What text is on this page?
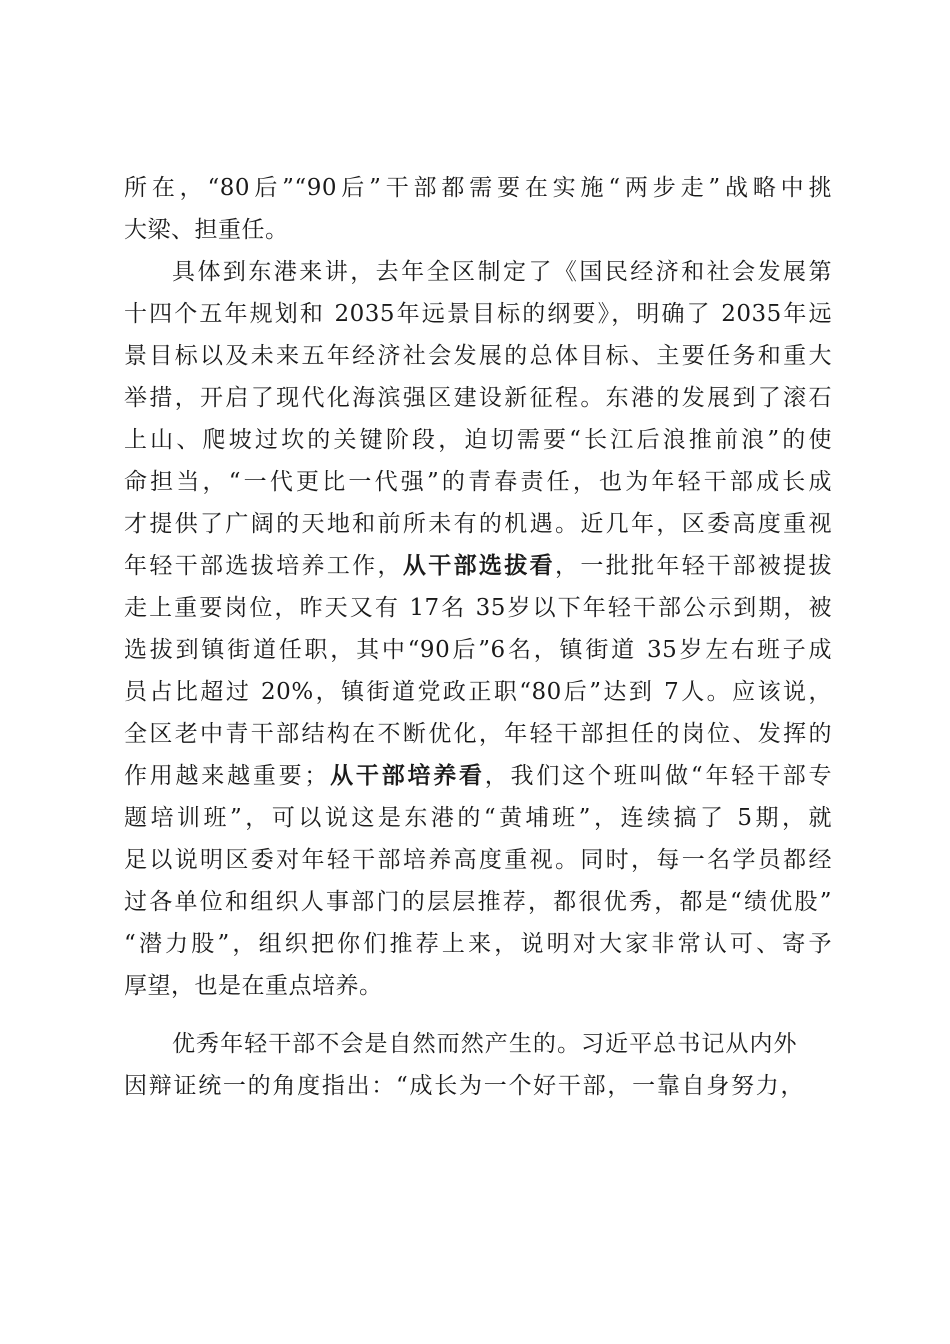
所在，“80后”“90后”干部都需要在实施“两步走”战略中挑
大梁、担重任。
具体到东港来讲，去年全区制定了《国民经济和社会发展第
十四个五年规划和 2035年远景目标的纲要》，明确了 2035年远
景目标以及未来五年经济社会发展的总体目标、主要任务和重大
举措，开启了现代化海滨强区建设新征程。东港的发展到了滚石
上山、爬坡过坎的关键阶段，迫切需要“长江后浪推前浪”的使
命担当，“一代更比一代强”的青春责任，也为年轻干部成长成
才提供了广阔的天地和前所未有的机遇。近几年，区委高度重视
年轻干部选拔培养工作，从干部选拔看，一批批年轻干部被提拔
走上重要岗位，昨天又有 17名 35岁以下年轻干部公示到期，被
选拔到镇街道任职，其中“90后”6名，镇街道 35岁左右班子成
员占比超过 20%，镇街道党政正职“80后”达到 7人。应该说，
全区老中青干部结构在不断优化，年轻干部担任的岗位、发挥的
作用越来越重要；从干部培养看，我们这个班叫做“年轻干部专
题培训班”，可以说这是东港的“黄埔班”，连续搞了 5期，就
足以说明区委对年轻干部培养高度重视。同时，每一名学员都经
过各单位和组织人事部门的层层推荐，都很优秀，都是“绩优股”
“潜力股”，组织把你们推荐上来，说明对大家非常认可、寄予
厚望，也是在重点培养。
优秀年轻干部不会是自然而然产生的。习近平总书记从内外
因辩证统一的角度指出：“成长为一个好干部，一靠自身努力，
